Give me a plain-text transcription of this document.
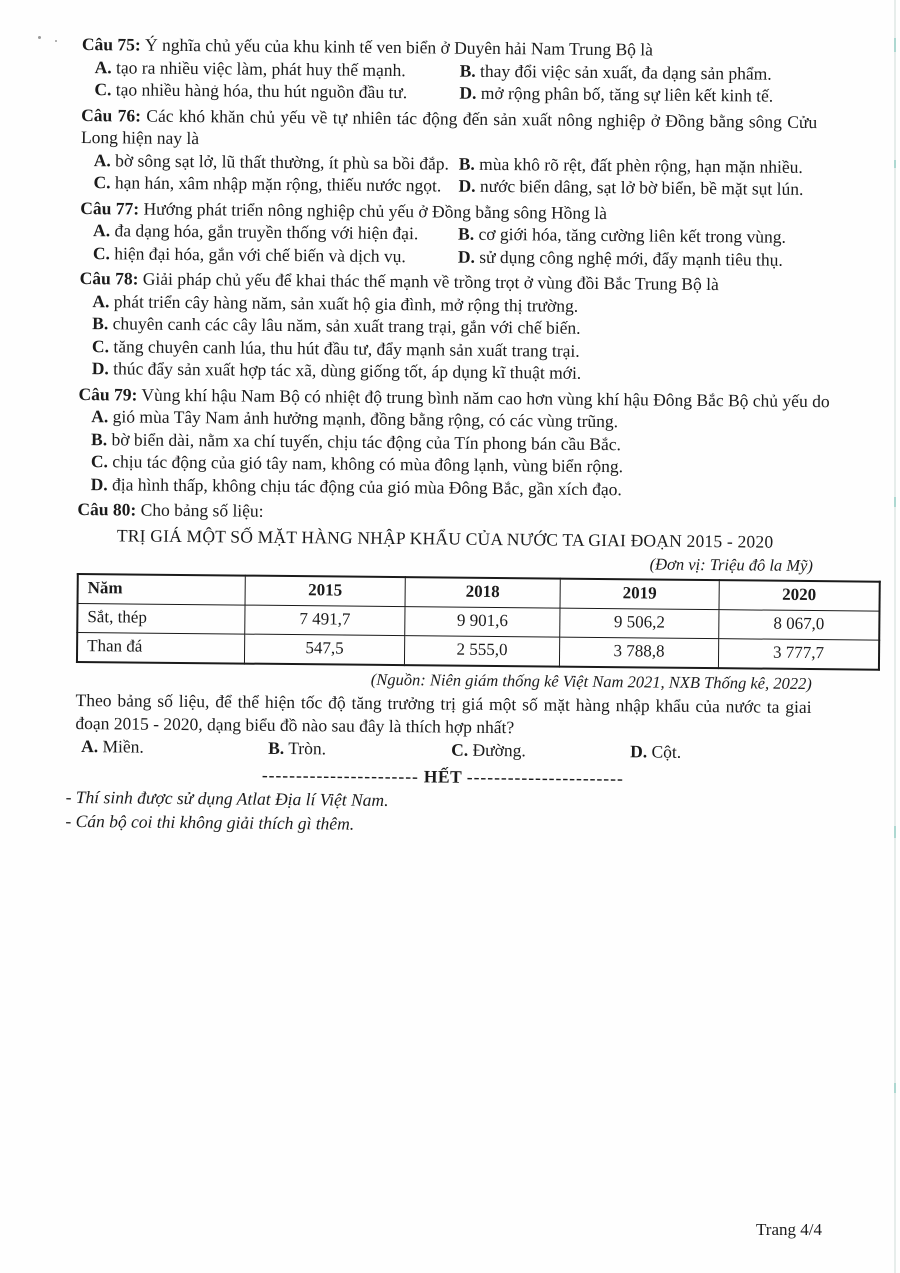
Câu 75: Ý nghĩa chủ yếu của khu kinh tế ven biển ở Duyên hải Nam Trung Bộ là
A. tạo ra nhiều việc làm, phát huy thế mạnh.	B. thay đổi việc sản xuất, đa dạng sản phẩm.
C. tạo nhiều hàng hóa, thu hút nguồn đầu tư.	D. mở rộng phân bố, tăng sự liên kết kinh tế.
Câu 76: Các khó khăn chủ yếu về tự nhiên tác động đến sản xuất nông nghiệp ở Đồng bằng sông Cửu Long hiện nay là
A. bờ sông sạt lở, lũ thất thường, ít phù sa bồi đắp. B. mùa khô rõ rệt, đất phèn rộng, hạn mặn nhiều.
C. hạn hán, xâm nhập mặn rộng, thiếu nước ngọt. D. nước biển dâng, sạt lở bờ biển, bề mặt sụt lún.
Câu 77: Hướng phát triển nông nghiệp chủ yếu ở Đồng bằng sông Hồng là
A. đa dạng hóa, gắn truyền thống với hiện đại.	B. cơ giới hóa, tăng cường liên kết trong vùng.
C. hiện đại hóa, gắn với chế biến và dịch vụ.	D. sử dụng công nghệ mới, đẩy mạnh tiêu thụ.
Câu 78: Giải pháp chủ yếu để khai thác thế mạnh về trồng trọt ở vùng đồi Bắc Trung Bộ là
A. phát triển cây hàng năm, sản xuất hộ gia đình, mở rộng thị trường.
B. chuyên canh các cây lâu năm, sản xuất trang trại, gắn với chế biến.
C. tăng chuyên canh lúa, thu hút đầu tư, đẩy mạnh sản xuất trang trại.
D. thúc đẩy sản xuất hợp tác xã, dùng giống tốt, áp dụng kĩ thuật mới.
Câu 79: Vùng khí hậu Nam Bộ có nhiệt độ trung bình năm cao hơn vùng khí hậu Đông Bắc Bộ chủ yếu do
A. gió mùa Tây Nam ảnh hưởng mạnh, đồng bằng rộng, có các vùng trũng.
B. bờ biển dài, nằm xa chí tuyến, chịu tác động của Tín phong bán cầu Bắc.
C. chịu tác động của gió tây nam, không có mùa đông lạnh, vùng biển rộng.
D. địa hình thấp, không chịu tác động của gió mùa Đông Bắc, gần xích đạo.
Câu 80: Cho bảng số liệu:
TRỊ GIÁ MỘT SỐ MẶT HÀNG NHẬP KHẨU CỦA NƯỚC TA GIAI ĐOẠN 2015 - 2020
(Đơn vị: Triệu đô la Mỹ)
Năm	2015	2018	2019	2020
Sắt, thép	7 491,7	9 901,6	9 506,2	8 067,0
Than đá	547,5	2 555,0	3 788,8	3 777,7
(Nguồn: Niên giám thống kê Việt Nam 2021, NXB Thống kê, 2022)
Theo bảng số liệu, để thể hiện tốc độ tăng trưởng trị giá một số mặt hàng nhập khẩu của nước ta giai đoạn 2015 - 2020, dạng biểu đồ nào sau đây là thích hợp nhất?
A. Miền.	B. Tròn.	C. Đường.	D. Cột.
----------------------- HẾT -----------------------
- Thí sinh được sử dụng Atlat Địa lí Việt Nam.
- Cán bộ coi thi không giải thích gì thêm.
Trang 4/4
